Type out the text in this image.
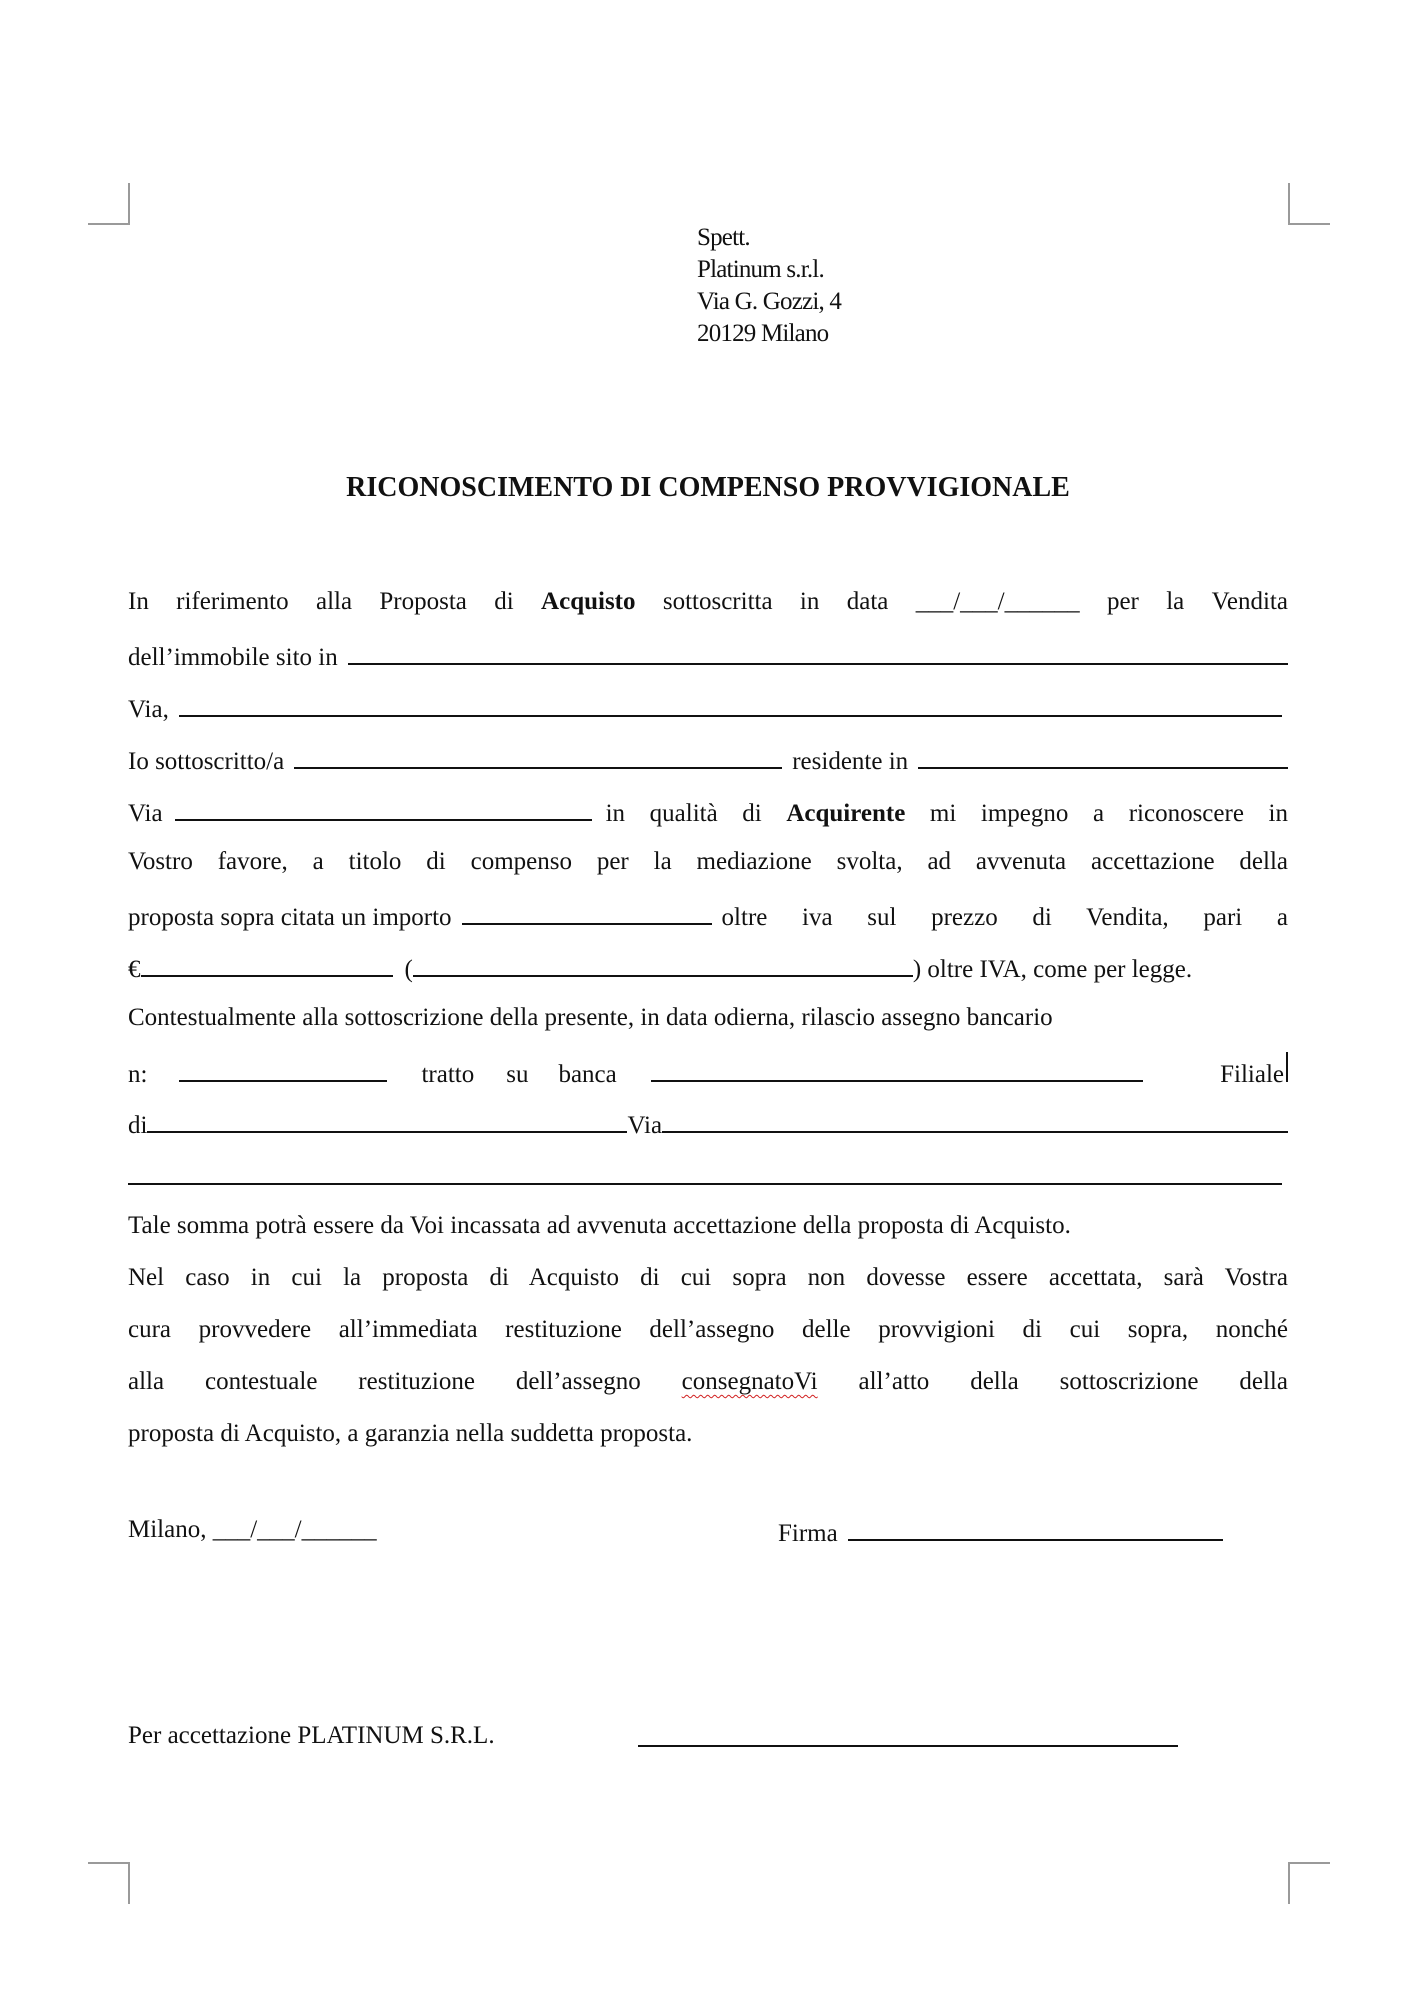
Spett.
Platinum s.r.l.
Via G. Gozzi, 4
20129 Milano
RICONOSCIMENTO DI COMPENSO PROVVIGIONALE
In riferimento alla Proposta di Acquisto sottoscritta in data ___/___/______ per la Vendita
dell’immobile sito in
Via,
Io sottoscritto/a	residente in
Via	in qualità di Acquirente mi impegno a riconoscere in
Vostro favore, a titolo di compenso per la mediazione svolta, ad avvenuta accettazione della
proposta sopra citata un importo	oltre iva sul prezzo di Vendita, pari a
€	(	) oltre IVA, come per legge.
Contestualmente alla sottoscrizione della presente, in data odierna, rilascio assegno bancario
n:	tratto su banca	Filiale
di	Via
Tale somma potrà essere da Voi incassata ad avvenuta accettazione della proposta di Acquisto.
Nel caso in cui la proposta di Acquisto di cui sopra non dovesse essere accettata, sarà Vostra
cura provvedere all’immediata restituzione dell’assegno delle provvigioni di cui sopra, nonché
alla contestuale restituzione dell’assegno consegnatoVi all’atto della sottoscrizione della
proposta di Acquisto, a garanzia nella suddetta proposta.
Milano, ___/___/______	Firma
Per accettazione PLATINUM S.R.L.
